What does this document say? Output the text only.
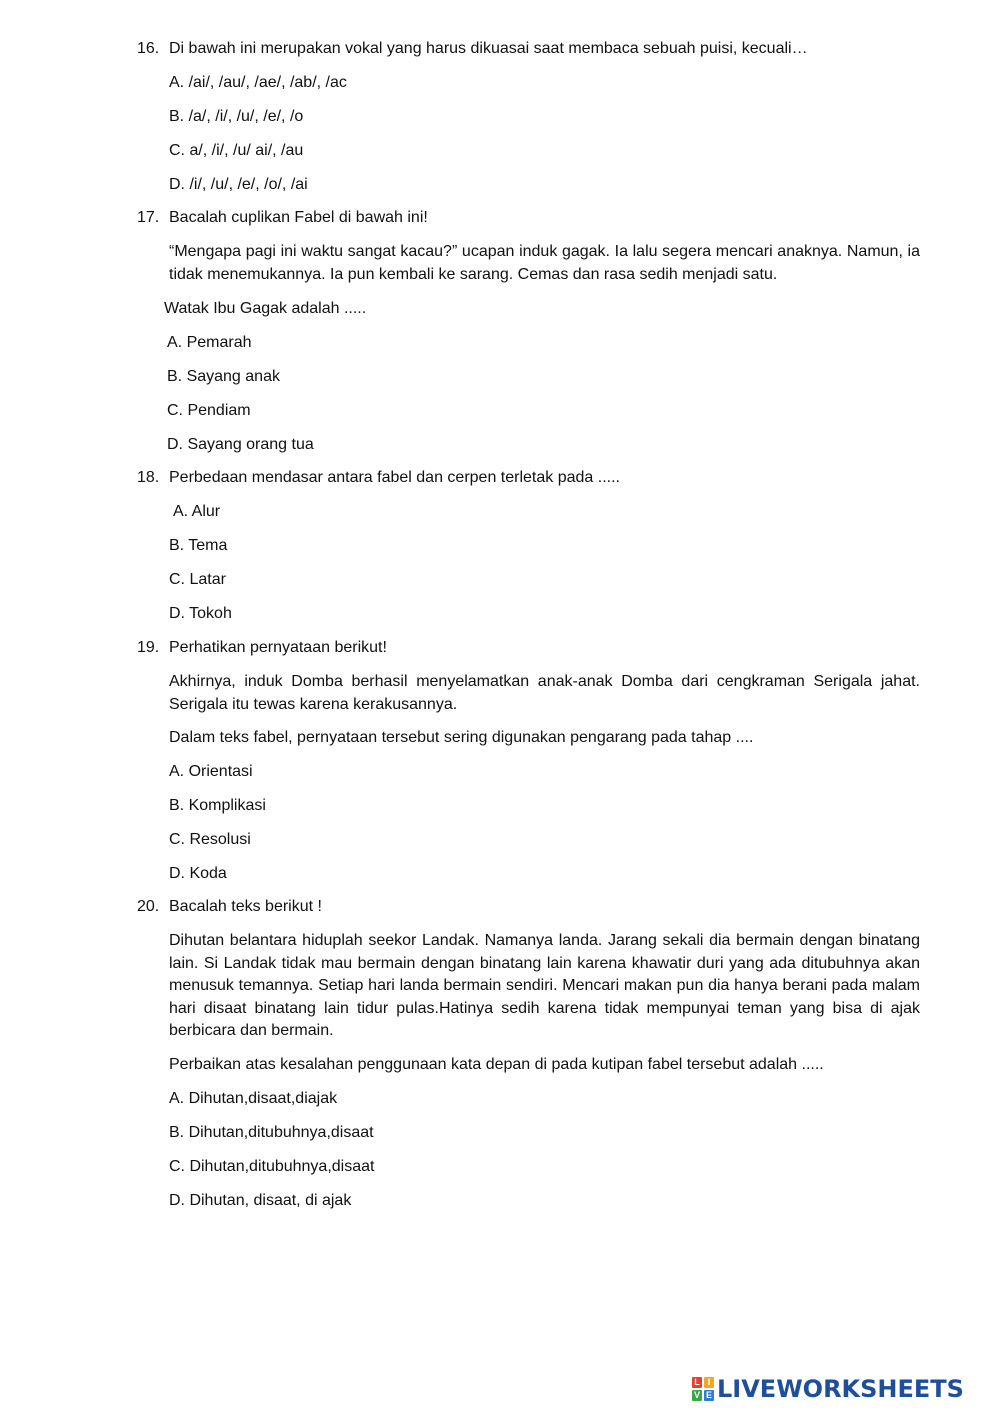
16. Di bawah ini merupakan vokal yang harus dikuasai saat membaca sebuah puisi, kecuali…
A. /ai/, /au/, /ae/, /ab/, /ac
B. /a/, /i/, /u/, /e/, /o
C. a/, /i/, /u/ ai/, /au
D. /i/, /u/, /e/, /o/, /ai
17. Bacalah cuplikan Fabel di bawah ini!
“Mengapa pagi ini waktu sangat kacau?” ucapan induk gagak. Ia lalu segera mencari anaknya. Namun, ia tidak menemukannya. Ia pun kembali ke sarang. Cemas dan rasa sedih menjadi satu.
Watak Ibu Gagak adalah .....
A. Pemarah
B. Sayang anak
C. Pendiam
D. Sayang orang tua
18. Perbedaan mendasar antara fabel dan cerpen terletak pada .....
A. Alur
B. Tema
C. Latar
D. Tokoh
19. Perhatikan pernyataan berikut!
Akhirnya, induk Domba berhasil menyelamatkan anak-anak Domba dari cengkraman Serigala jahat. Serigala itu tewas karena kerakusannya.
Dalam teks fabel, pernyataan tersebut sering digunakan pengarang pada tahap ....
A. Orientasi
B. Komplikasi
C. Resolusi
D. Koda
20. Bacalah teks berikut !
Dihutan belantara hiduplah seekor Landak. Namanya landa. Jarang sekali dia bermain dengan binatang lain. Si Landak tidak mau bermain dengan binatang lain karena khawatir duri yang ada ditubuhnya akan menusuk temannya. Setiap hari landa bermain sendiri. Mencari makan pun dia hanya berani pada malam hari disaat binatang lain tidur pulas.Hatinya sedih karena tidak mempunyai teman yang bisa di ajak berbicara dan bermain.
Perbaikan atas kesalahan penggunaan kata depan di pada kutipan fabel tersebut adalah .....
A. Dihutan,disaat,diajak
B. Dihutan,ditubuhnya,disaat
C. Dihutan,ditubuhnya,disaat
D. Dihutan, disaat, di ajak
L I
V E LIVEWORKSHEETS
